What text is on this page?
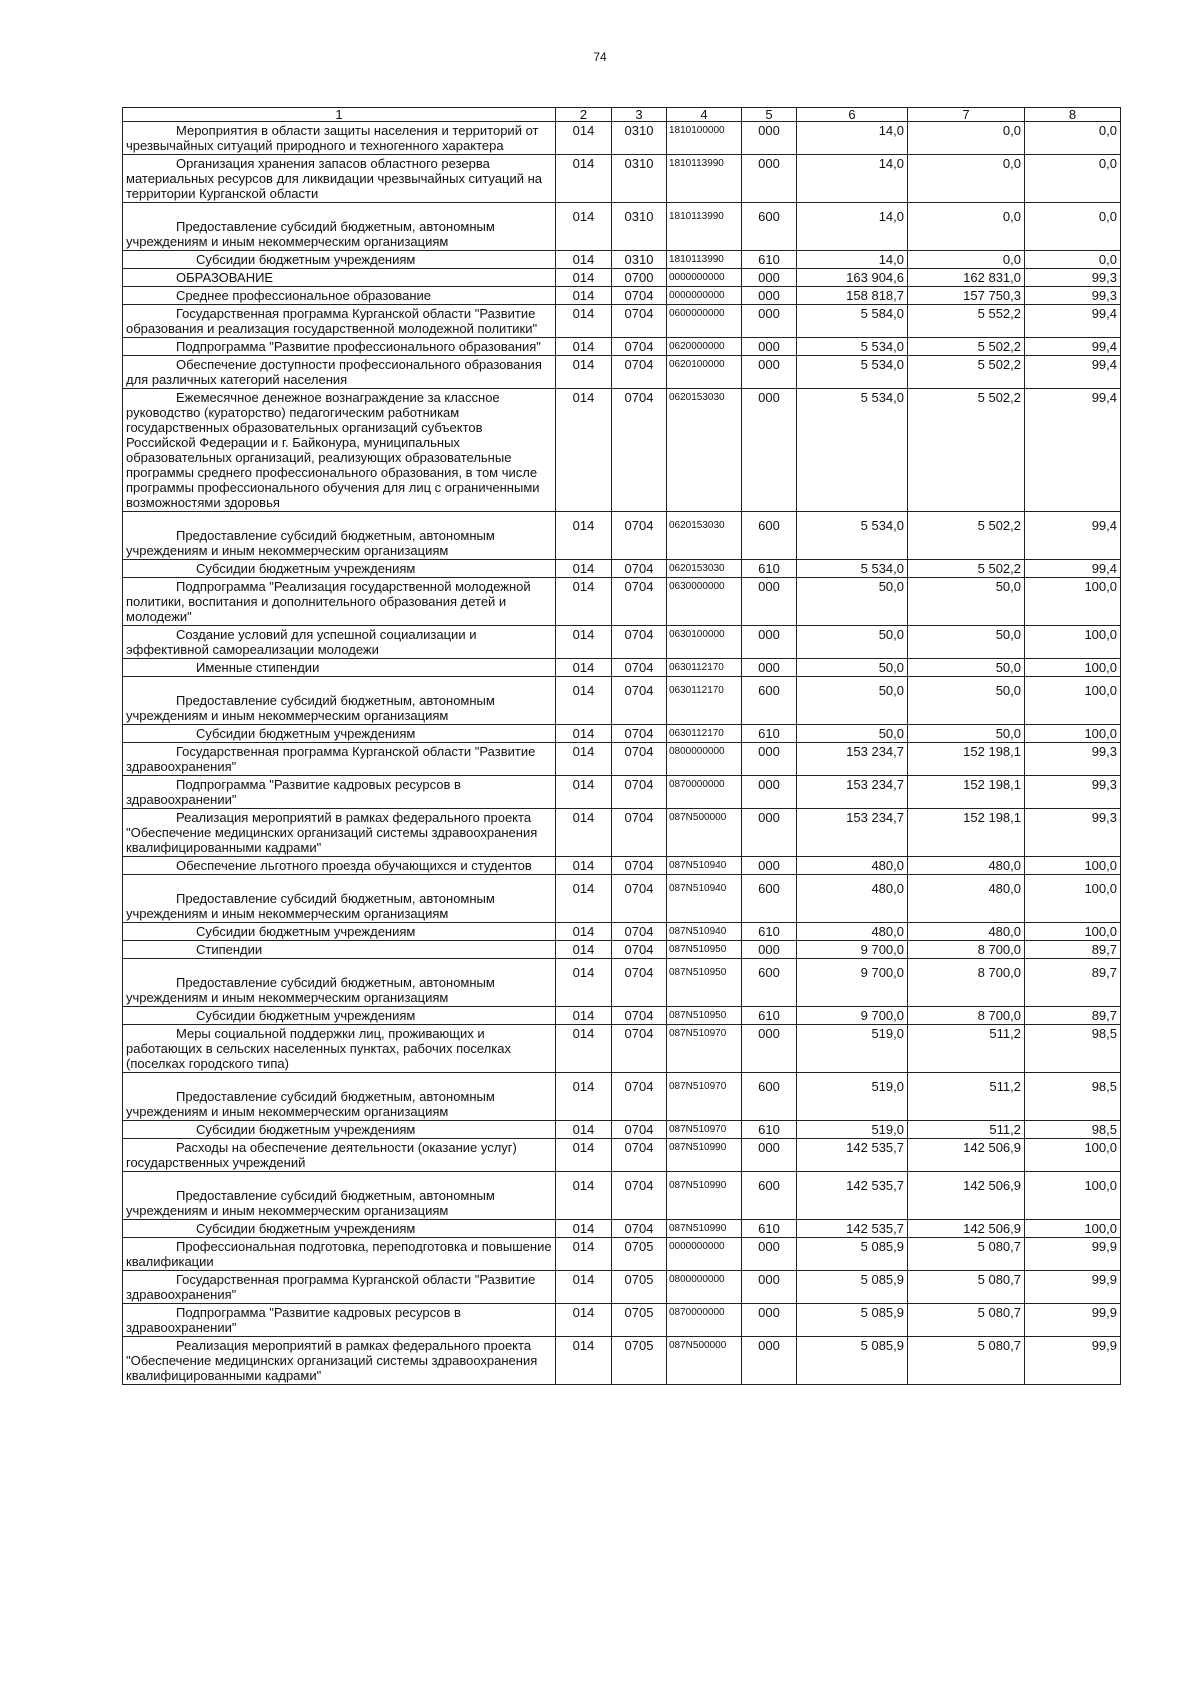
74
1	2	3	4	5	6	7	8
Мероприятия в области защиты населения и территорий от чрезвычайных ситуаций природного и техногенного характера	014	0310	1810100000	000	14,0	0,0	0,0
Организация хранения запасов областного резерва материальных ресурсов для ликвидации чрезвычайных ситуаций на территории Курганской области	014	0310	1810113990	000	14,0	0,0	0,0
Предоставление субсидий бюджетным, автономным учреждениям и иным некоммерческим организациям	014	0310	1810113990	600	14,0	0,0	0,0
Субсидии бюджетным учреждениям	014	0310	1810113990	610	14,0	0,0	0,0
ОБРАЗОВАНИЕ	014	0700	0000000000	000	163 904,6	162 831,0	99,3
Среднее профессиональное образование	014	0704	0000000000	000	158 818,7	157 750,3	99,3
Государственная программа Курганской области "Развитие образования и реализация государственной молодежной политики"	014	0704	0600000000	000	5 584,0	5 552,2	99,4
Подпрограмма "Развитие профессионального образования"	014	0704	0620000000	000	5 534,0	5 502,2	99,4
Обеспечение доступности профессионального образования для различных категорий населения	014	0704	0620100000	000	5 534,0	5 502,2	99,4
Ежемесячное денежное вознаграждение за классное руководство (кураторство) педагогическим работникам государственных образовательных организаций субъектов Российской Федерации и г. Байконура, муниципальных образовательных организаций, реализующих образовательные программы среднего профессионального образования, в том числе программы профессионального обучения для лиц с ограниченными возможностями здоровья	014	0704	0620153030	000	5 534,0	5 502,2	99,4
Предоставление субсидий бюджетным, автономным учреждениям и иным некоммерческим организациям	014	0704	0620153030	600	5 534,0	5 502,2	99,4
Субсидии бюджетным учреждениям	014	0704	0620153030	610	5 534,0	5 502,2	99,4
Подпрограмма "Реализация государственной молодежной политики, воспитания и дополнительного образования детей и молодежи"	014	0704	0630000000	000	50,0	50,0	100,0
Создание условий для успешной социализации и эффективной самореализации молодежи	014	0704	0630100000	000	50,0	50,0	100,0
Именные стипендии	014	0704	0630112170	000	50,0	50,0	100,0
Предоставление субсидий бюджетным, автономным учреждениям и иным некоммерческим организациям	014	0704	0630112170	600	50,0	50,0	100,0
Субсидии бюджетным учреждениям	014	0704	0630112170	610	50,0	50,0	100,0
Государственная программа Курганской области "Развитие здравоохранения"	014	0704	0800000000	000	153 234,7	152 198,1	99,3
Подпрограмма "Развитие кадровых ресурсов в здравоохранении"	014	0704	0870000000	000	153 234,7	152 198,1	99,3
Реализация мероприятий в рамках федерального проекта "Обеспечение медицинских организаций системы здравоохранения квалифицированными кадрами"	014	0704	087N500000	000	153 234,7	152 198,1	99,3
Обеспечение льготного проезда обучающихся и студентов	014	0704	087N510940	000	480,0	480,0	100,0
Предоставление субсидий бюджетным, автономным учреждениям и иным некоммерческим организациям	014	0704	087N510940	600	480,0	480,0	100,0
Субсидии бюджетным учреждениям	014	0704	087N510940	610	480,0	480,0	100,0
Стипендии	014	0704	087N510950	000	9 700,0	8 700,0	89,7
Предоставление субсидий бюджетным, автономным учреждениям и иным некоммерческим организациям	014	0704	087N510950	600	9 700,0	8 700,0	89,7
Субсидии бюджетным учреждениям	014	0704	087N510950	610	9 700,0	8 700,0	89,7
Меры социальной поддержки лиц, проживающих и работающих в сельских населенных пунктах, рабочих поселках (поселках городского типа)	014	0704	087N510970	000	519,0	511,2	98,5
Предоставление субсидий бюджетным, автономным учреждениям и иным некоммерческим организациям	014	0704	087N510970	600	519,0	511,2	98,5
Субсидии бюджетным учреждениям	014	0704	087N510970	610	519,0	511,2	98,5
Расходы на обеспечение деятельности (оказание услуг) государственных учреждений	014	0704	087N510990	000	142 535,7	142 506,9	100,0
Предоставление субсидий бюджетным, автономным учреждениям и иным некоммерческим организациям	014	0704	087N510990	600	142 535,7	142 506,9	100,0
Субсидии бюджетным учреждениям	014	0704	087N510990	610	142 535,7	142 506,9	100,0
Профессиональная подготовка, переподготовка и повышение квалификации	014	0705	0000000000	000	5 085,9	5 080,7	99,9
Государственная программа Курганской области "Развитие здравоохранения"	014	0705	0800000000	000	5 085,9	5 080,7	99,9
Подпрограмма "Развитие кадровых ресурсов в здравоохранении"	014	0705	0870000000	000	5 085,9	5 080,7	99,9
Реализация мероприятий в рамках федерального проекта "Обеспечение медицинских организаций системы здравоохранения квалифицированными кадрами"	014	0705	087N500000	000	5 085,9	5 080,7	99,9
